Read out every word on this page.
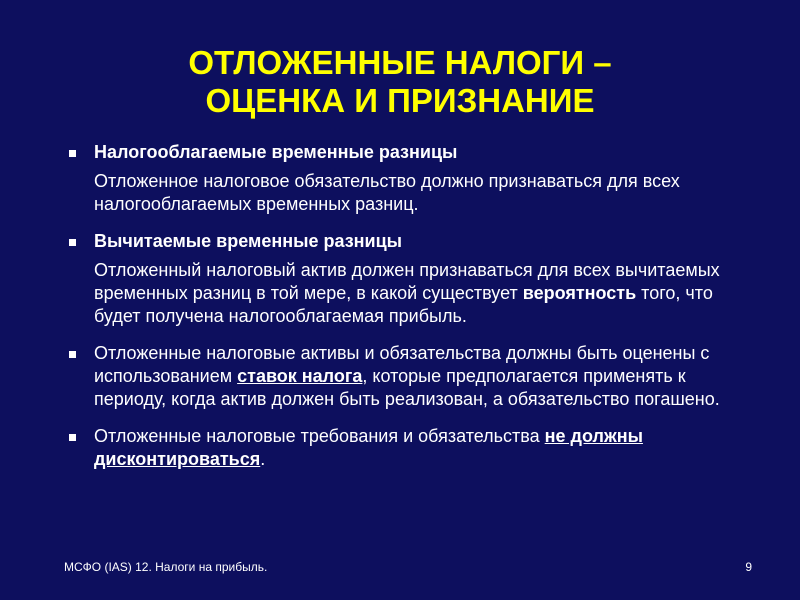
ОТЛОЖЕННЫЕ НАЛОГИ –
ОЦЕНКА И ПРИЗНАНИЕ
Налогооблагаемые временные разницы
Отложенное налоговое обязательство должно признаваться для всех налогооблагаемых временных разниц.
Вычитаемые временные разницы
Отложенный налоговый актив должен признаваться для всех вычитаемых временных разниц в той мере, в какой существует вероятность того, что будет получена налогооблагаемая прибыль.
Отложенные налоговые активы и обязательства должны быть оценены с использованием ставок налога, которые предполагается применять к периоду, когда актив должен быть реализован, а обязательство погашено.
Отложенные налоговые требования и обязательства не должны дисконтироваться.
МСФО (IAS) 12. Налоги на прибыль.	9
